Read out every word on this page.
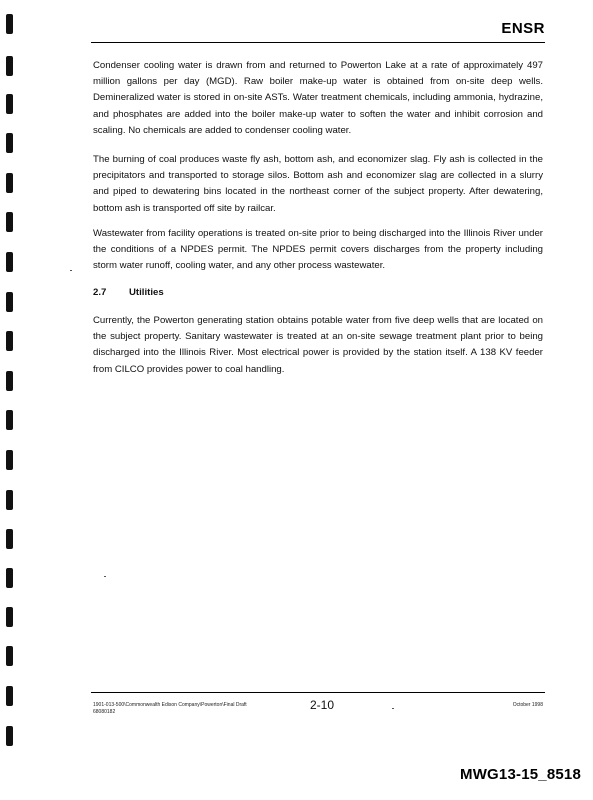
ENSR

Condenser cooling water is drawn from and returned to Powerton Lake at a rate of approximately 497 million gallons per day (MGD). Raw boiler make-up water is obtained from on-site deep wells. Demineralized water is stored in on-site ASTs. Water treatment chemicals, including ammonia, hydrazine, and phosphates are added into the boiler make-up water to soften the water and inhibit corrosion and scaling. No chemicals are added to condenser cooling water.

The burning of coal produces waste fly ash, bottom ash, and economizer slag. Fly ash is collected in the precipitators and transported to storage silos. Bottom ash and economizer slag are collected in a slurry and piped to dewatering bins located in the northeast corner of the subject property. After dewatering, bottom ash is transported off site by railcar.

Wastewater from facility operations is treated on-site prior to being discharged into the Illinois River under the conditions of a NPDES permit. The NPDES permit covers discharges from the property including storm water runoff, cooling water, and any other process wastewater.

2.7 Utilities

Currently, the Powerton generating station obtains potable water from five deep wells that are located on the subject property. Sanitary wastewater is treated at an on-site sewage treatment plant prior to being discharged into the Illinois River. Most electrical power is provided by the station itself. A 138 KV feeder from CILCO provides power to coal handling.

1901-013-500\Commonwealth Edison Company\Powerton\Final Draft
68080182	2-10	October 1998
MWG13-15_8518
